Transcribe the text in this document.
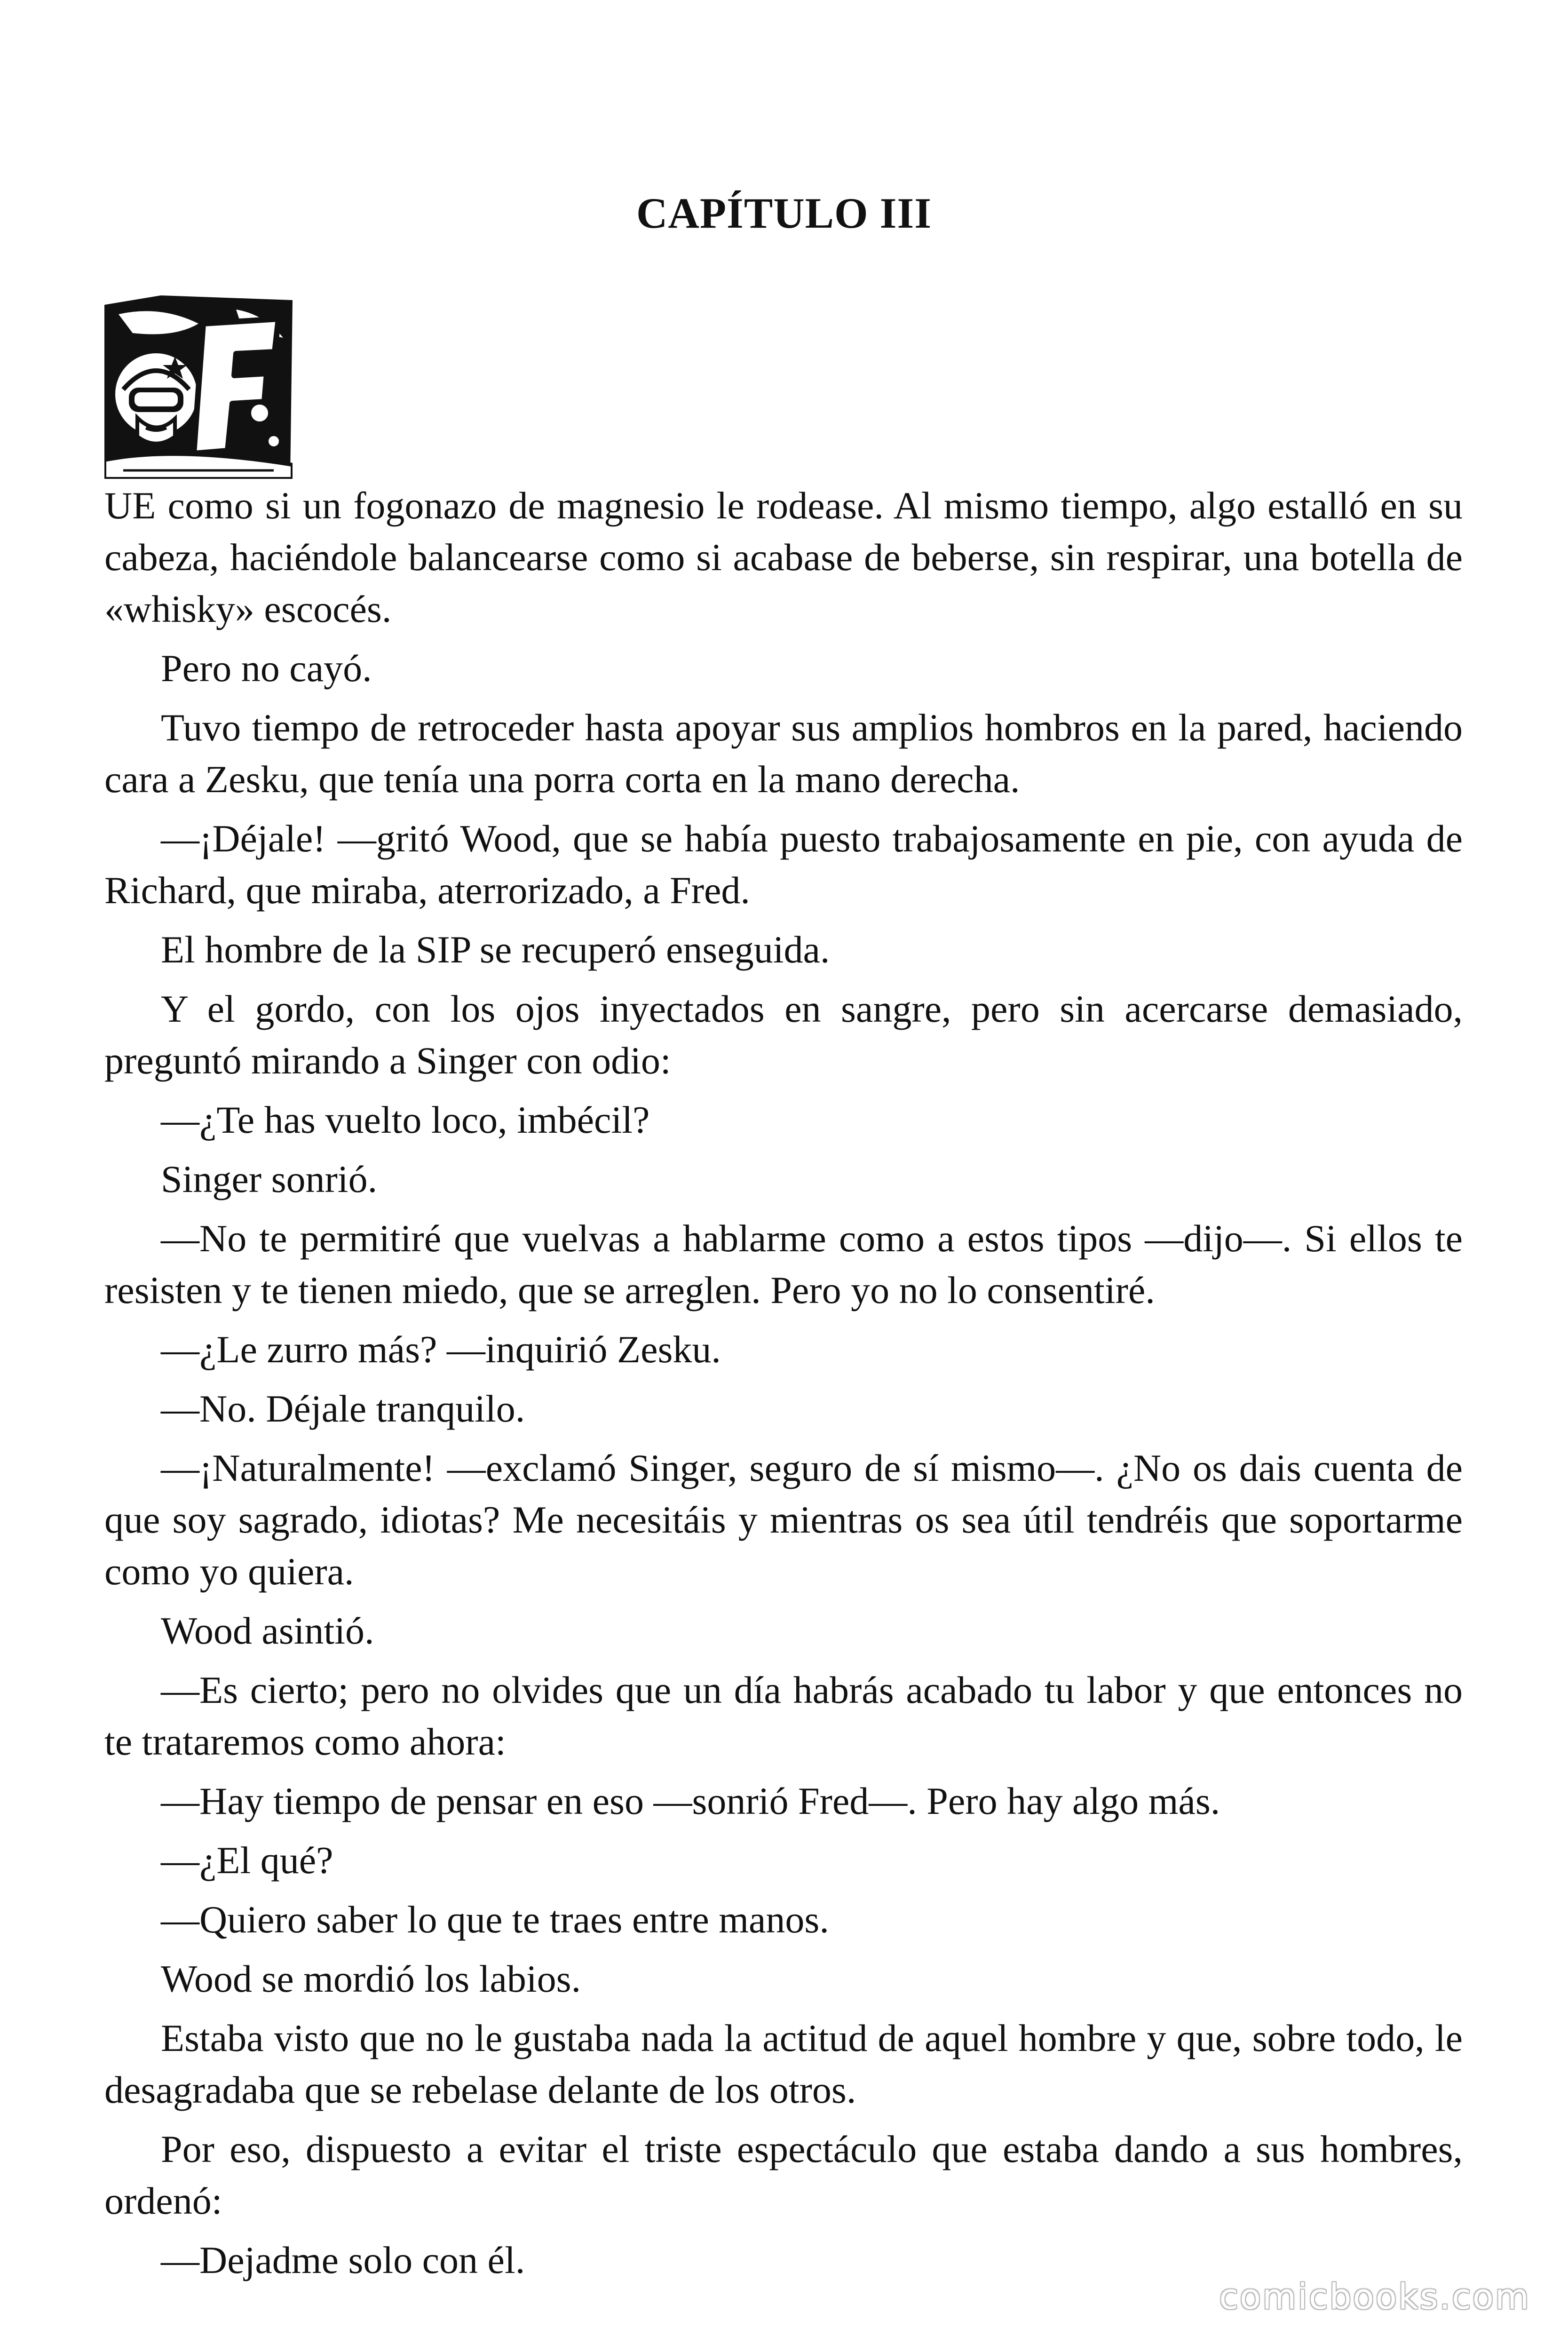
CAPÍTULO III

UE como si un fogonazo de magnesio le rodease. Al mismo tiempo, algo estalló en su cabeza, haciéndole balancearse como si acabase de beberse, sin respirar, una botella de «whisky» escocés.

Pero no cayó.

Tuvo tiempo de retroceder hasta apoyar sus amplios hombros en la pared, haciendo cara a Zesku, que tenía una porra corta en la mano derecha.

—¡Déjale! —gritó Wood, que se había puesto trabajosamente en pie, con ayuda de Richard, que miraba, aterrorizado, a Fred.

El hombre de la SIP se recuperó enseguida.

Y el gordo, con los ojos inyectados en sangre, pero sin acercarse demasiado, preguntó mirando a Singer con odio:

—¿Te has vuelto loco, imbécil?

Singer sonrió.

—No te permitiré que vuelvas a hablarme como a estos tipos —dijo—. Si ellos te resisten y te tienen miedo, que se arreglen. Pero yo no lo consentiré.

—¿Le zurro más? —inquirió Zesku.

—No. Déjale tranquilo.

—¡Naturalmente! —exclamó Singer, seguro de sí mismo—. ¿No os dais cuenta de que soy sagrado, idiotas? Me necesitáis y mientras os sea útil tendréis que soportarme como yo quiera.

Wood asintió.

—Es cierto; pero no olvides que un día habrás acabado tu labor y que entonces no te trataremos como ahora:

—Hay tiempo de pensar en eso —sonrió Fred—. Pero hay algo más.

—¿El qué?

—Quiero saber lo que te traes entre manos.

Wood se mordió los labios.

Estaba visto que no le gustaba nada la actitud de aquel hombre y que, sobre todo, le desagradaba que se rebelase delante de los otros.

Por eso, dispuesto a evitar el triste espectáculo que estaba dando a sus hombres, ordenó:

—Dejadme solo con él.

comicbooks.com
